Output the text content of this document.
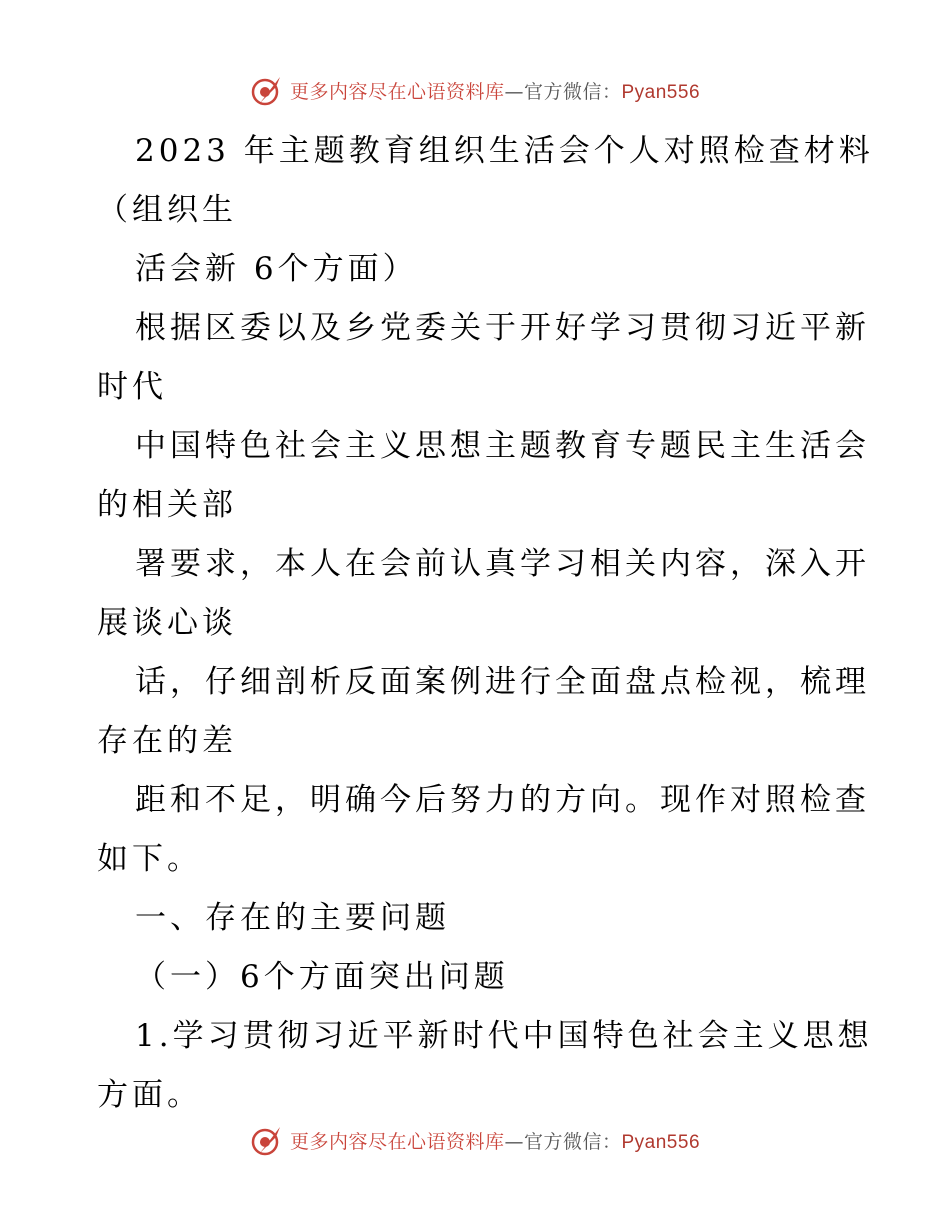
更多内容尽在心语资料库—官方微信：Pyan556
2023 年主题教育组织生活会个人对照检查材料
（组织生
活会新 6个方面）
根据区委以及乡党委关于开好学习贯彻习近平新
时代
中国特色社会主义思想主题教育专题民主生活会
的相关部
署要求，本人在会前认真学习相关内容，深入开
展谈心谈
话，仔细剖析反面案例进行全面盘点检视，梳理
存在的差
距和不足，明确今后努力的方向。现作对照检查
如下。
一、存在的主要问题
（一）6个方面突出问题
1.学习贯彻习近平新时代中国特色社会主义思想
方面。
更多内容尽在心语资料库—官方微信：Pyan556
